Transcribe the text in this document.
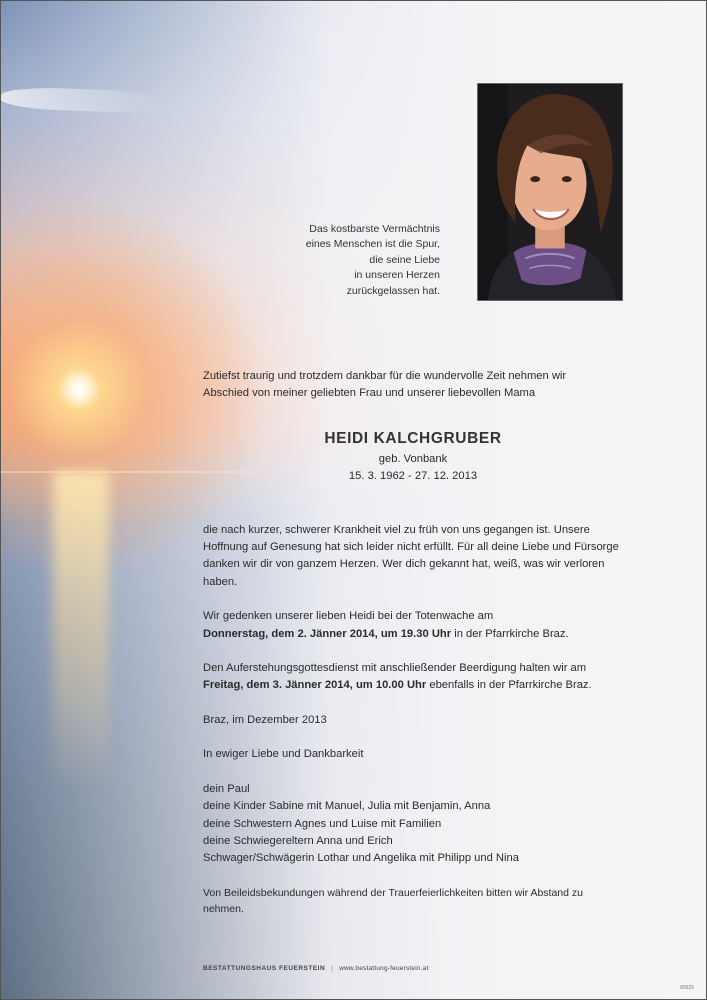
Das kostbarste Vermächtnis
eines Menschen ist die Spur,
die seine Liebe
in unseren Herzen
zurückgelassen hat.

Zutiefst traurig und trotzdem dankbar für die wundervolle Zeit nehmen wir
Abschied von meiner geliebten Frau und unserer liebevollen Mama

HEIDI KALCHGRUBER
geb. Vonbank
15. 3. 1962 - 27. 12. 2013

die nach kurzer, schwerer Krankheit viel zu früh von uns gegangen ist. Unsere Hoffnung auf Genesung hat sich leider nicht erfüllt. Für all deine Liebe und Fürsorge danken wir dir von ganzem Herzen. Wer dich gekannt hat, weiß, was wir verloren haben.

Wir gedenken unserer lieben Heidi bei der Totenwache am
Donnerstag, dem 2. Jänner 2014, um 19.30 Uhr in der Pfarrkirche Braz.

Den Auferstehungsgottesdienst mit anschließender Beerdigung halten wir am
Freitag, dem 3. Jänner 2014, um 10.00 Uhr ebenfalls in der Pfarrkirche Braz.

Braz, im Dezember 2013

In ewiger Liebe und Dankbarkeit

dein Paul
deine Kinder Sabine mit Manuel, Julia mit Benjamin, Anna
deine Schwestern Agnes und Luise mit Familien
deine Schwiegereltern Anna und Erich
Schwager/Schwägerin Lothar und Angelika mit Philipp und Nina

Von Beileidsbekundungen während der Trauerfeierlichkeiten bitten wir Abstand zu nehmen.

BESTATTUNGSHAUS FEUERSTEIN | www.bestattung-feuerstein.at
89925
